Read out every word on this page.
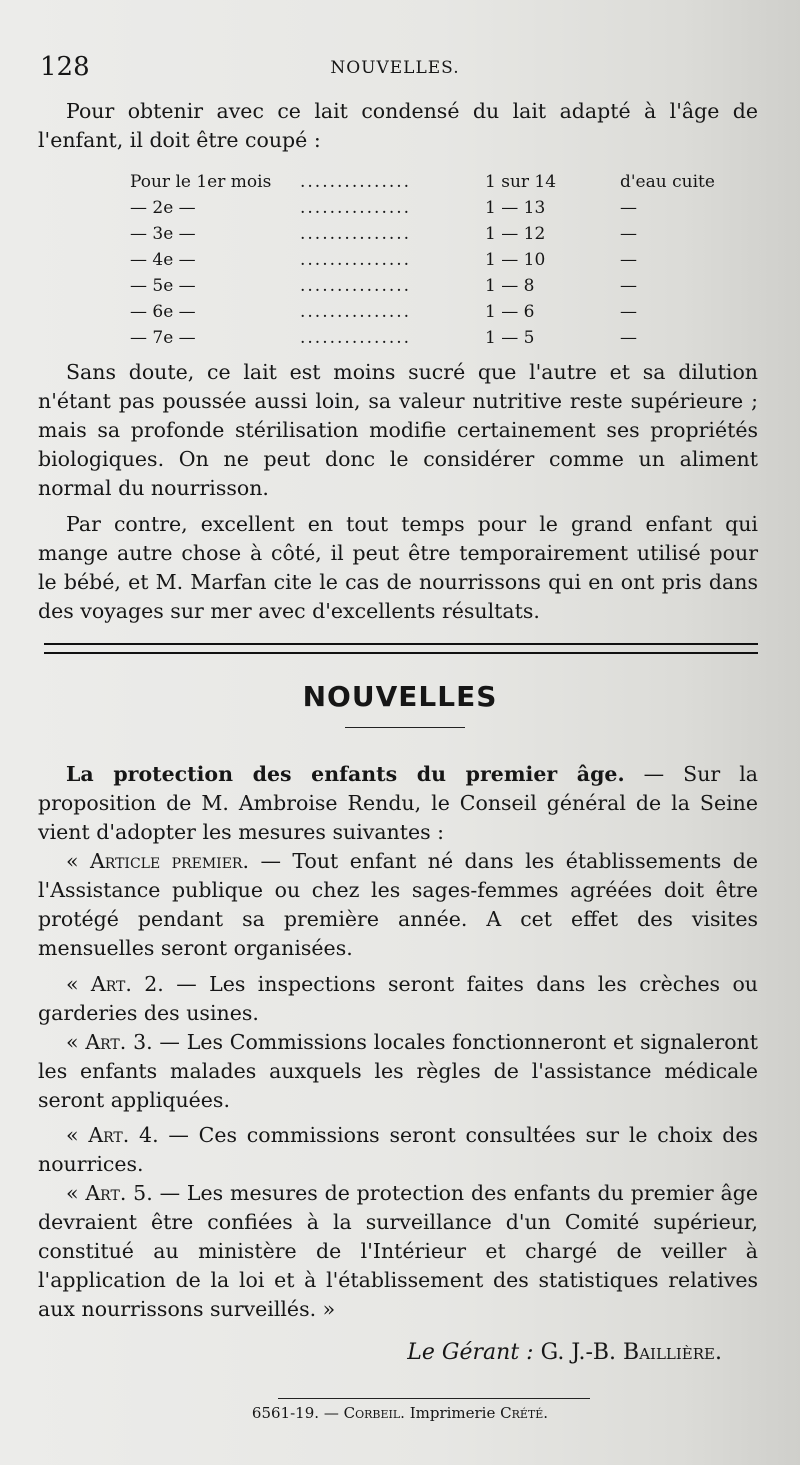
128	NOUVELLES.

Pour obtenir avec ce lait condensé du lait adapté à l'âge de l'enfant, il doit être coupé :

Pour le 1er mois ...............	1 sur 14	d'eau cuite
— 2e —	...............	1 — 13	—
— 3e —	...............	1 — 12	—
— 4e —	...............	1 — 10	—
— 5e —	...............	1 — 8	—
— 6e —	...............	1 — 6	—
— 7e —	...............	1 — 5	—

Sans doute, ce lait est moins sucré que l'autre et sa dilution n'étant pas poussée aussi loin, sa valeur nutritive reste supérieure ; mais sa profonde stérilisation modifie certainement ses propriétés biologiques. On ne peut donc le considérer comme un aliment normal du nourrisson.

Par contre, excellent en tout temps pour le grand enfant qui mange autre chose à côté, il peut être temporairement utilisé pour le bébé, et M. Marfan cite le cas de nourrissons qui en ont pris dans des voyages sur mer avec d'excellents résultats.

NOUVELLES

La protection des enfants du premier âge. — Sur la proposition de M. Ambroise Rendu, le Conseil général de la Seine vient d'adopter les mesures suivantes :

« Article premier. — Tout enfant né dans les établissements de l'Assistance publique ou chez les sages-femmes agréées doit être protégé pendant sa première année. A cet effet des visites mensuelles seront organisées.

« Art. 2. — Les inspections seront faites dans les crèches ou garderies des usines.

« Art. 3. — Les Commissions locales fonctionneront et signaleront les enfants malades auxquels les règles de l'assistance médicale seront appliquées.

« Art. 4. — Ces commissions seront consultées sur le choix des nourrices.

« Art. 5. — Les mesures de protection des enfants du premier âge devraient être confiées à la surveillance d'un Comité supérieur, constitué au ministère de l'Intérieur et chargé de veiller à l'application de la loi et à l'établissement des statistiques relatives aux nourrissons surveillés. »

Le Gérant : G. J.-B. Baillière.
6561-19. — Corbeil. Imprimerie Crété.
